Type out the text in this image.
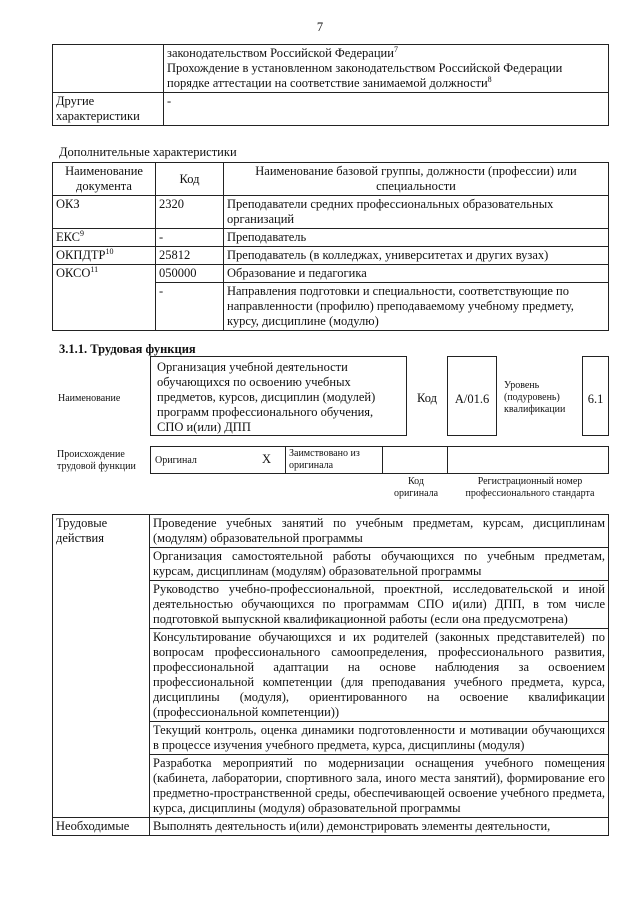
7
	законодательством Российской Федерации$^7$
Прохождение в установленном законодательством Российской Федерации порядке аттестации на соответствие занимаемой должности$^8$
Другие характеристики	-
Дополнительные характеристики
Наименование документа	Код	Наименование базовой группы, должности (профессии) или специальности
ОКЗ	2320	Преподаватели средних профессиональных образовательных организаций
ЕКС$^9$	-	Преподаватель
ОКПДТР$^{10}$	25812	Преподаватель (в колледжах, университетах и других вузах)
ОКСО$^{11}$	050000	Образование и педагогика
	-	Направления подготовки и специальности, соответствующие по направленности (профилю) преподаваемому учебному предмету, курсу, дисциплине (модулю)
3.1.1. Трудовая функция
Наименование
Организация учебной деятельности обучающихся по освоению учебных предметов, курсов, дисциплин (модулей) программ профессионального обучения, СПО и(или) ДПП
Код	А/01.6
Уровень (подуровень) квалификации
6.1
Происхождение трудовой функции
Оригинал	X Заимствовано из оригинала
Код оригинала
Регистрационный номер профессионального стандарта
Трудовые действия	Проведение учебных занятий по учебным предметам, курсам, дисциплинам (модулям) образовательной программы
	Организация самостоятельной работы обучающихся по учебным предметам, курсам, дисциплинам (модулям) образовательной программы
	Руководство учебно-профессиональной, проектной, исследовательской и иной деятельностью обучающихся по программам СПО и(или) ДПП, в том числе подготовкой выпускной квалификационной работы (если она предусмотрена)
	Консультирование обучающихся и их родителей (законных представителей) по вопросам профессионального самоопределения, профессионального развития, профессиональной адаптации на основе наблюдения за освоением профессиональной компетенции (для преподавания учебного предмета, курса, дисциплины (модуля), ориентированного на освоение квалификации (профессиональной компетенции))
	Текущий контроль, оценка динамики подготовленности и мотивации обучающихся в процессе изучения учебного предмета, курса, дисциплины (модуля)
	Разработка мероприятий по модернизации оснащения учебного помещения (кабинета, лаборатории, спортивного зала, иного места занятий), формирование его предметно-пространственной среды, обеспечивающей освоение учебного предмета, курса, дисциплины (модуля) образовательной программы
Необходимые	Выполнять деятельность и(или) демонстрировать элементы деятельности,
